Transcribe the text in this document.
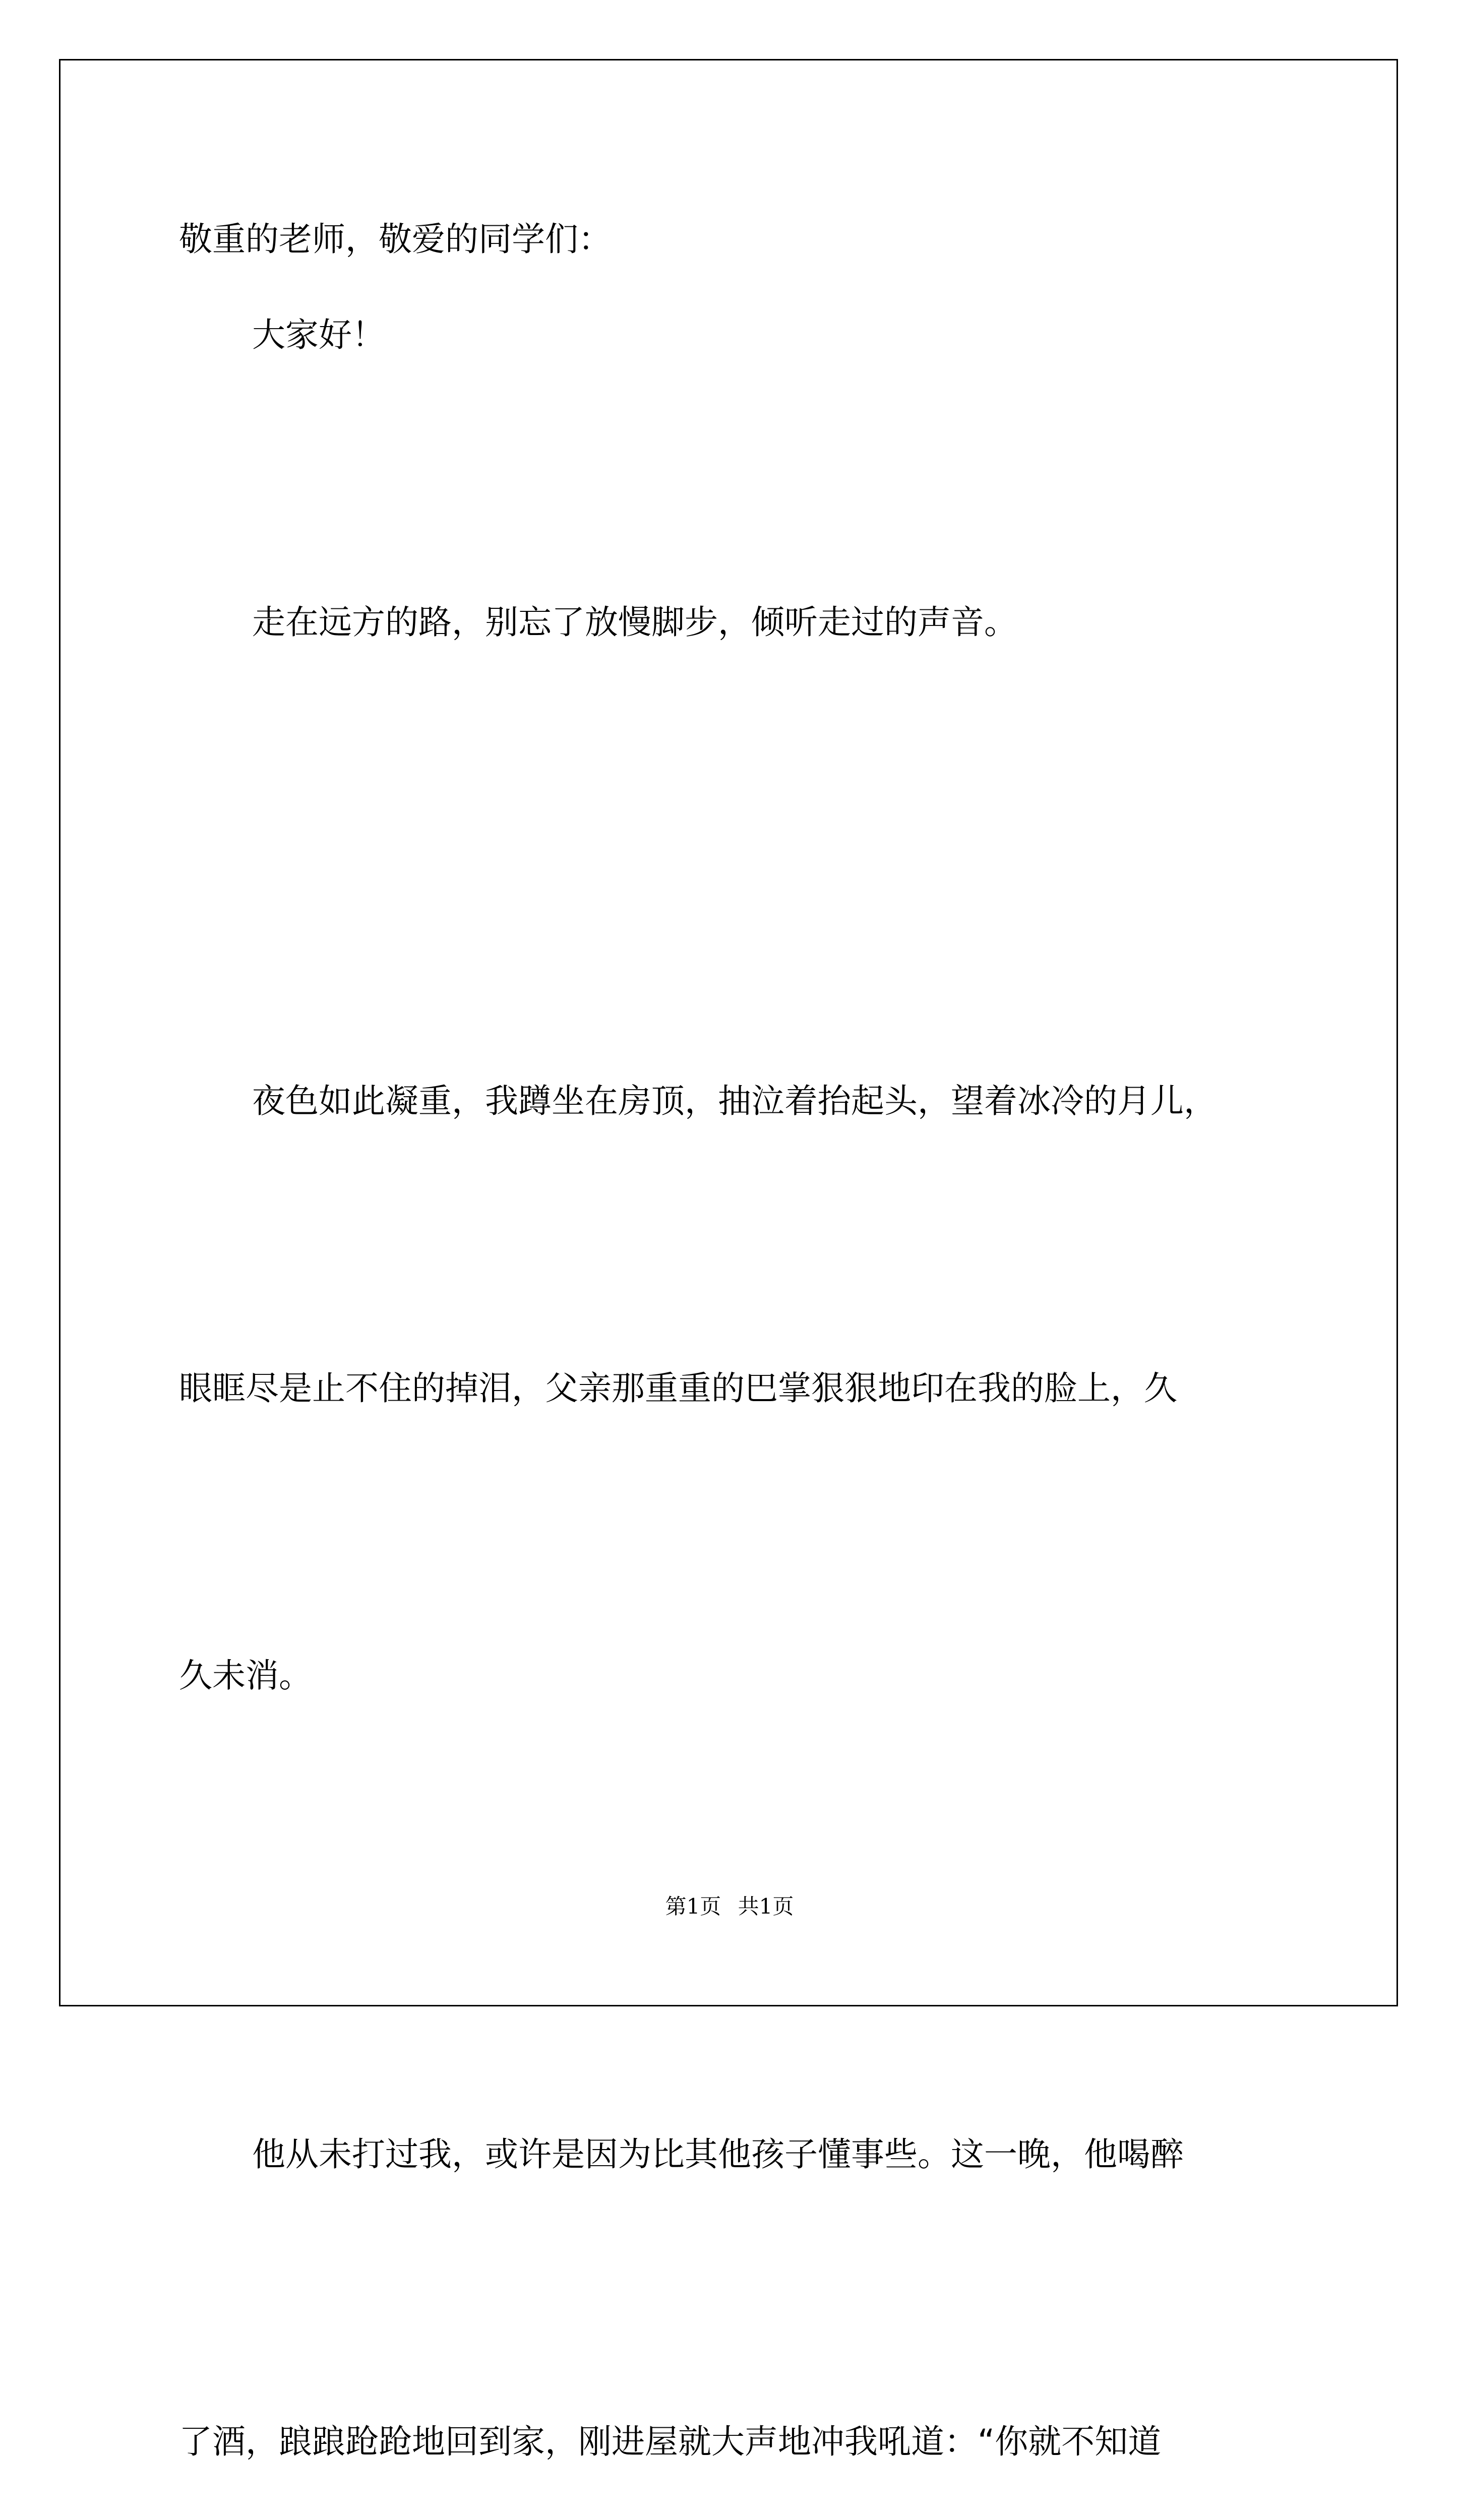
敬重的老师，敬爱的同学们：
大家好！

走在远方的路，别忘了放慢脚步，倾听走过的声音。

夜色如此凝重，我蹲坐在房顶，抽泣着抬起头，望着冰冷的月儿，

眼眶尽是止不住的掉泪，父亲那重重的巴掌狠狠地印在我的脸上，久

久未消。

他从未打过我，或许是因为比其他孩子懂事些。这一晚，他喝醉

了酒，踉踉跄跄地回到家，刚进屋就大声地冲我吼道：“你就不知道

第1页 共1页
